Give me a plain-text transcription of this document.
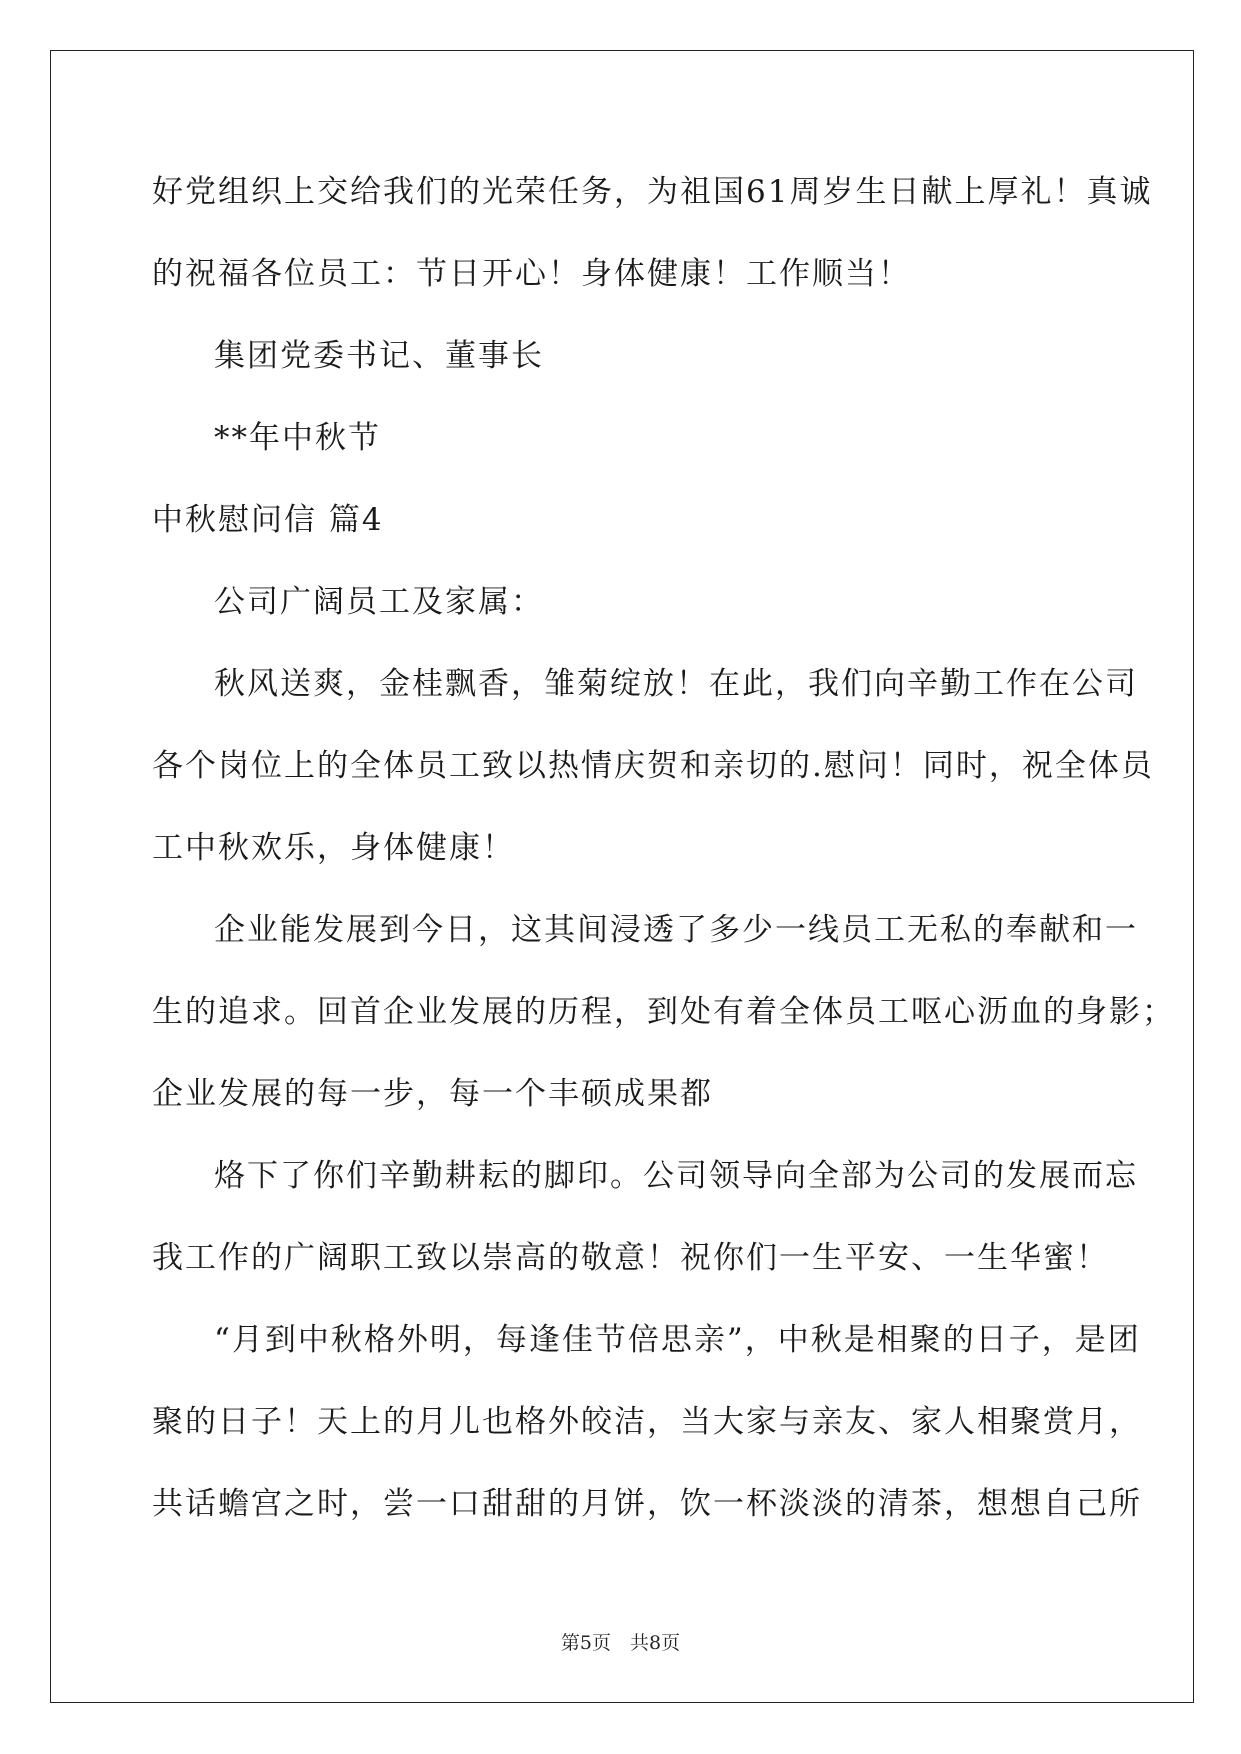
好党组织上交给我们的光荣任务，为祖国61周岁生日献上厚礼！真诚
的祝福各位员工：节日开心！身体健康！工作顺当！
集团党委书记、董事长
**年中秋节
中秋慰问信 篇4
公司广阔员工及家属：
秋风送爽，金桂飘香，雏菊绽放！在此，我们向辛勤工作在公司
各个岗位上的全体员工致以热情庆贺和亲切的.慰问！同时，祝全体员
工中秋欢乐，身体健康！
企业能发展到今日，这其间浸透了多少一线员工无私的奉献和一
生的追求。回首企业发展的历程，到处有着全体员工呕心沥血的身影；
企业发展的每一步，每一个丰硕成果都
烙下了你们辛勤耕耘的脚印。公司领导向全部为公司的发展而忘
我工作的广阔职工致以崇高的敬意！祝你们一生平安、一生华蜜！
“月到中秋格外明，每逢佳节倍思亲”，中秋是相聚的日子，是团
聚的日子！天上的月儿也格外皎洁，当大家与亲友、家人相聚赏月，
共话蟾宫之时，尝一口甜甜的月饼，饮一杯淡淡的清茶，想想自己所
第5页　共8页
